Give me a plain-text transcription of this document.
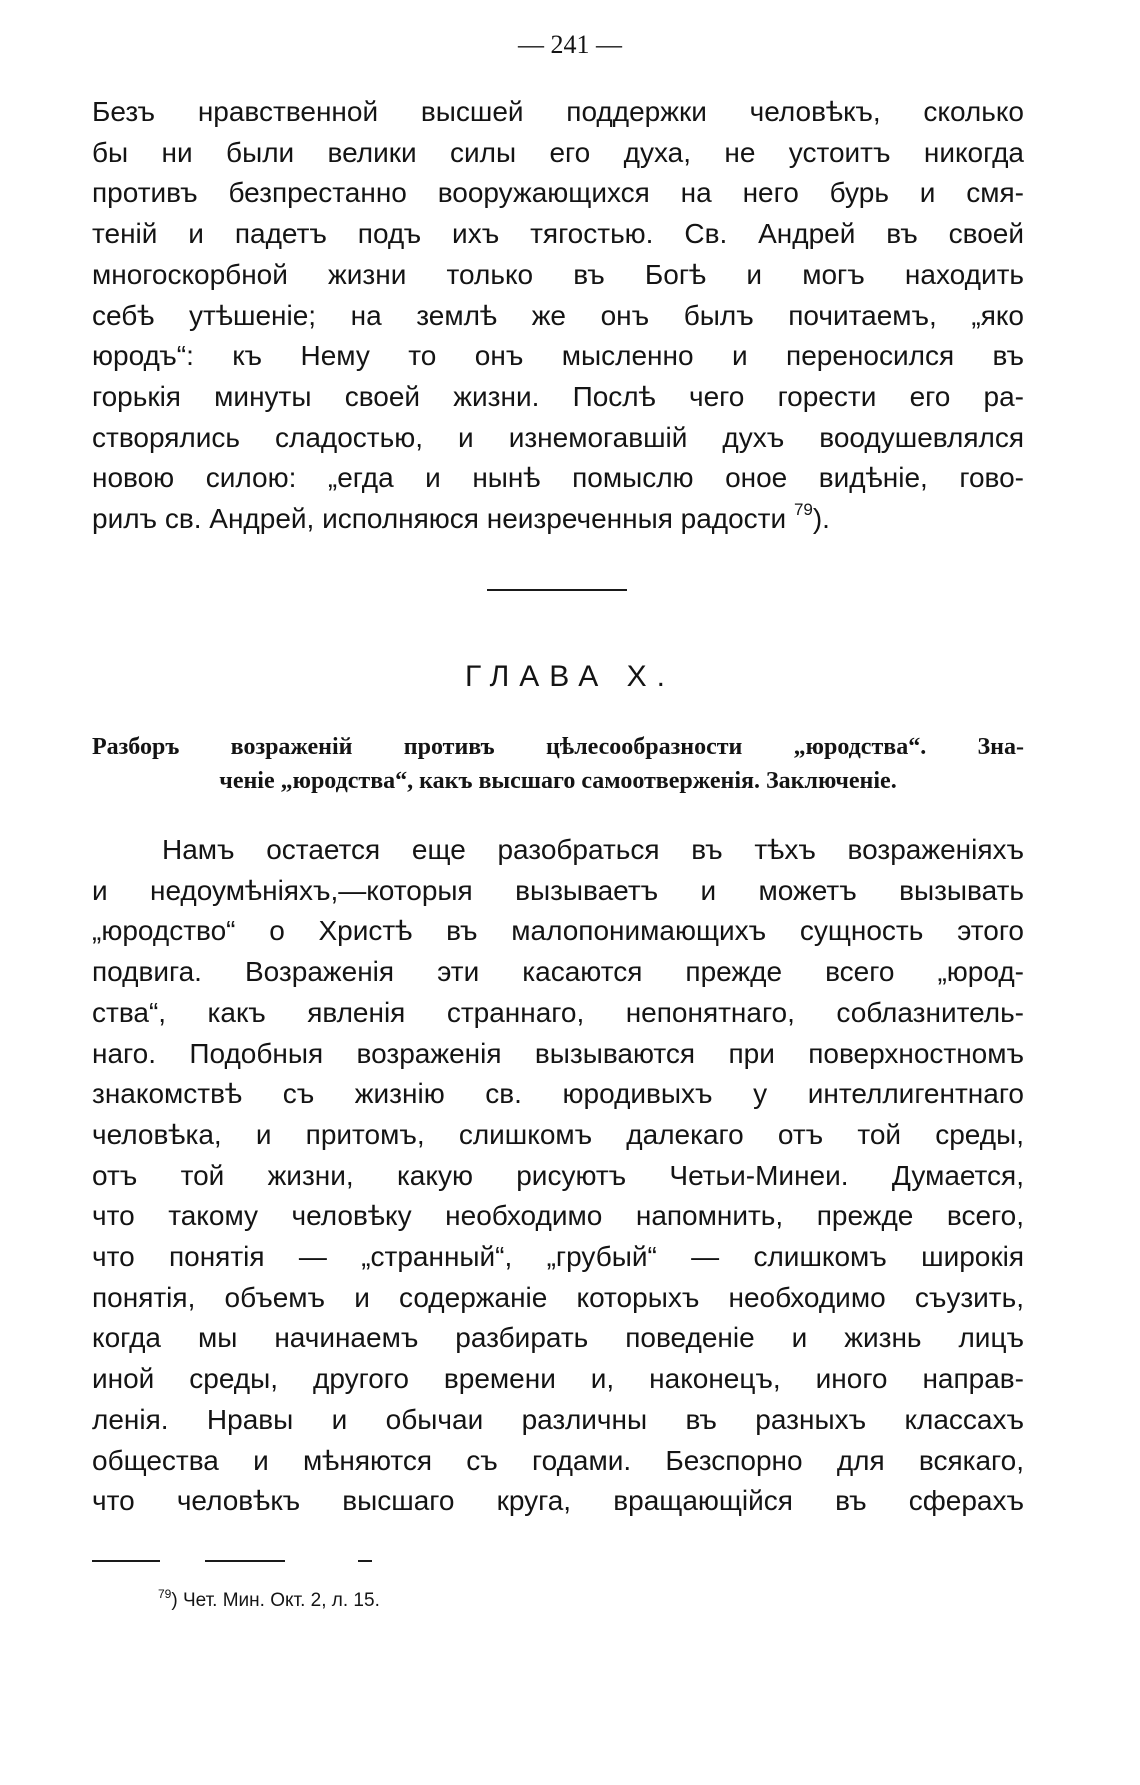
— 241 —
Безъ нравственной высшей поддержки человѣкъ, сколько
бы ни были велики силы его духа, не устоитъ никогда
противъ безпрестанно вооружающихся на него бурь и смя-
теній и падетъ подъ ихъ тягостью. Св. Андрей въ своей
многоскорбной жизни только въ Богѣ и могъ находить
себѣ утѣшеніе; на землѣ же онъ былъ почитаемъ, „яко
юродъ“: къ Нему то онъ мысленно и переносился въ
горькія минуты своей жизни. Послѣ чего горести его ра-
створялись сладостью, и изнемогавшій духъ воодушевлялся
новою силою: „егда и нынѣ помыслю оное видѣніе, гово-
рилъ св. Андрей, исполняюся неизреченныя радости $^{79}$).
ГЛАВА X.
Разборъ возраженій противъ цѣлесообразности „юродства“. Зна-
ченіе „юродства“, какъ высшаго самоотверженія. Заключеніе.
Намъ остается еще разобраться въ тѣхъ возраженіяхъ
и недоумѣніяхъ,—которыя вызываетъ и можетъ вызывать
„юродство“ о Христѣ въ малопонимающихъ сущность этого
подвига. Возраженія эти касаются прежде всего „юрод-
ства“, какъ явленія страннаго, непонятнаго, соблазнитель-
наго. Подобныя возраженія вызываются при поверхностномъ
знакомствѣ съ жизнію св. юродивыхъ у интеллигентнаго
человѣка, и притомъ, слишкомъ далекаго отъ той среды,
отъ той жизни, какую рисуютъ Четьи-Минеи. Думается,
что такому человѣку необходимо напомнить, прежде всего,
что понятія — „странный“, „грубый“ — слишкомъ широкія
понятія, объемъ и содержаніе которыхъ необходимо съузить,
когда мы начинаемъ разбирать поведеніе и жизнь лицъ
иной среды, другого времени и, наконецъ, иного направ-
ленія. Нравы и обычаи различны въ разныхъ классахъ
общества и мѣняются съ годами. Безспорно для всякаго,
что человѣкъ высшаго круга, вращающійся въ сферахъ
$^{79}$) Чет. Мин. Окт. 2, л. 15.
